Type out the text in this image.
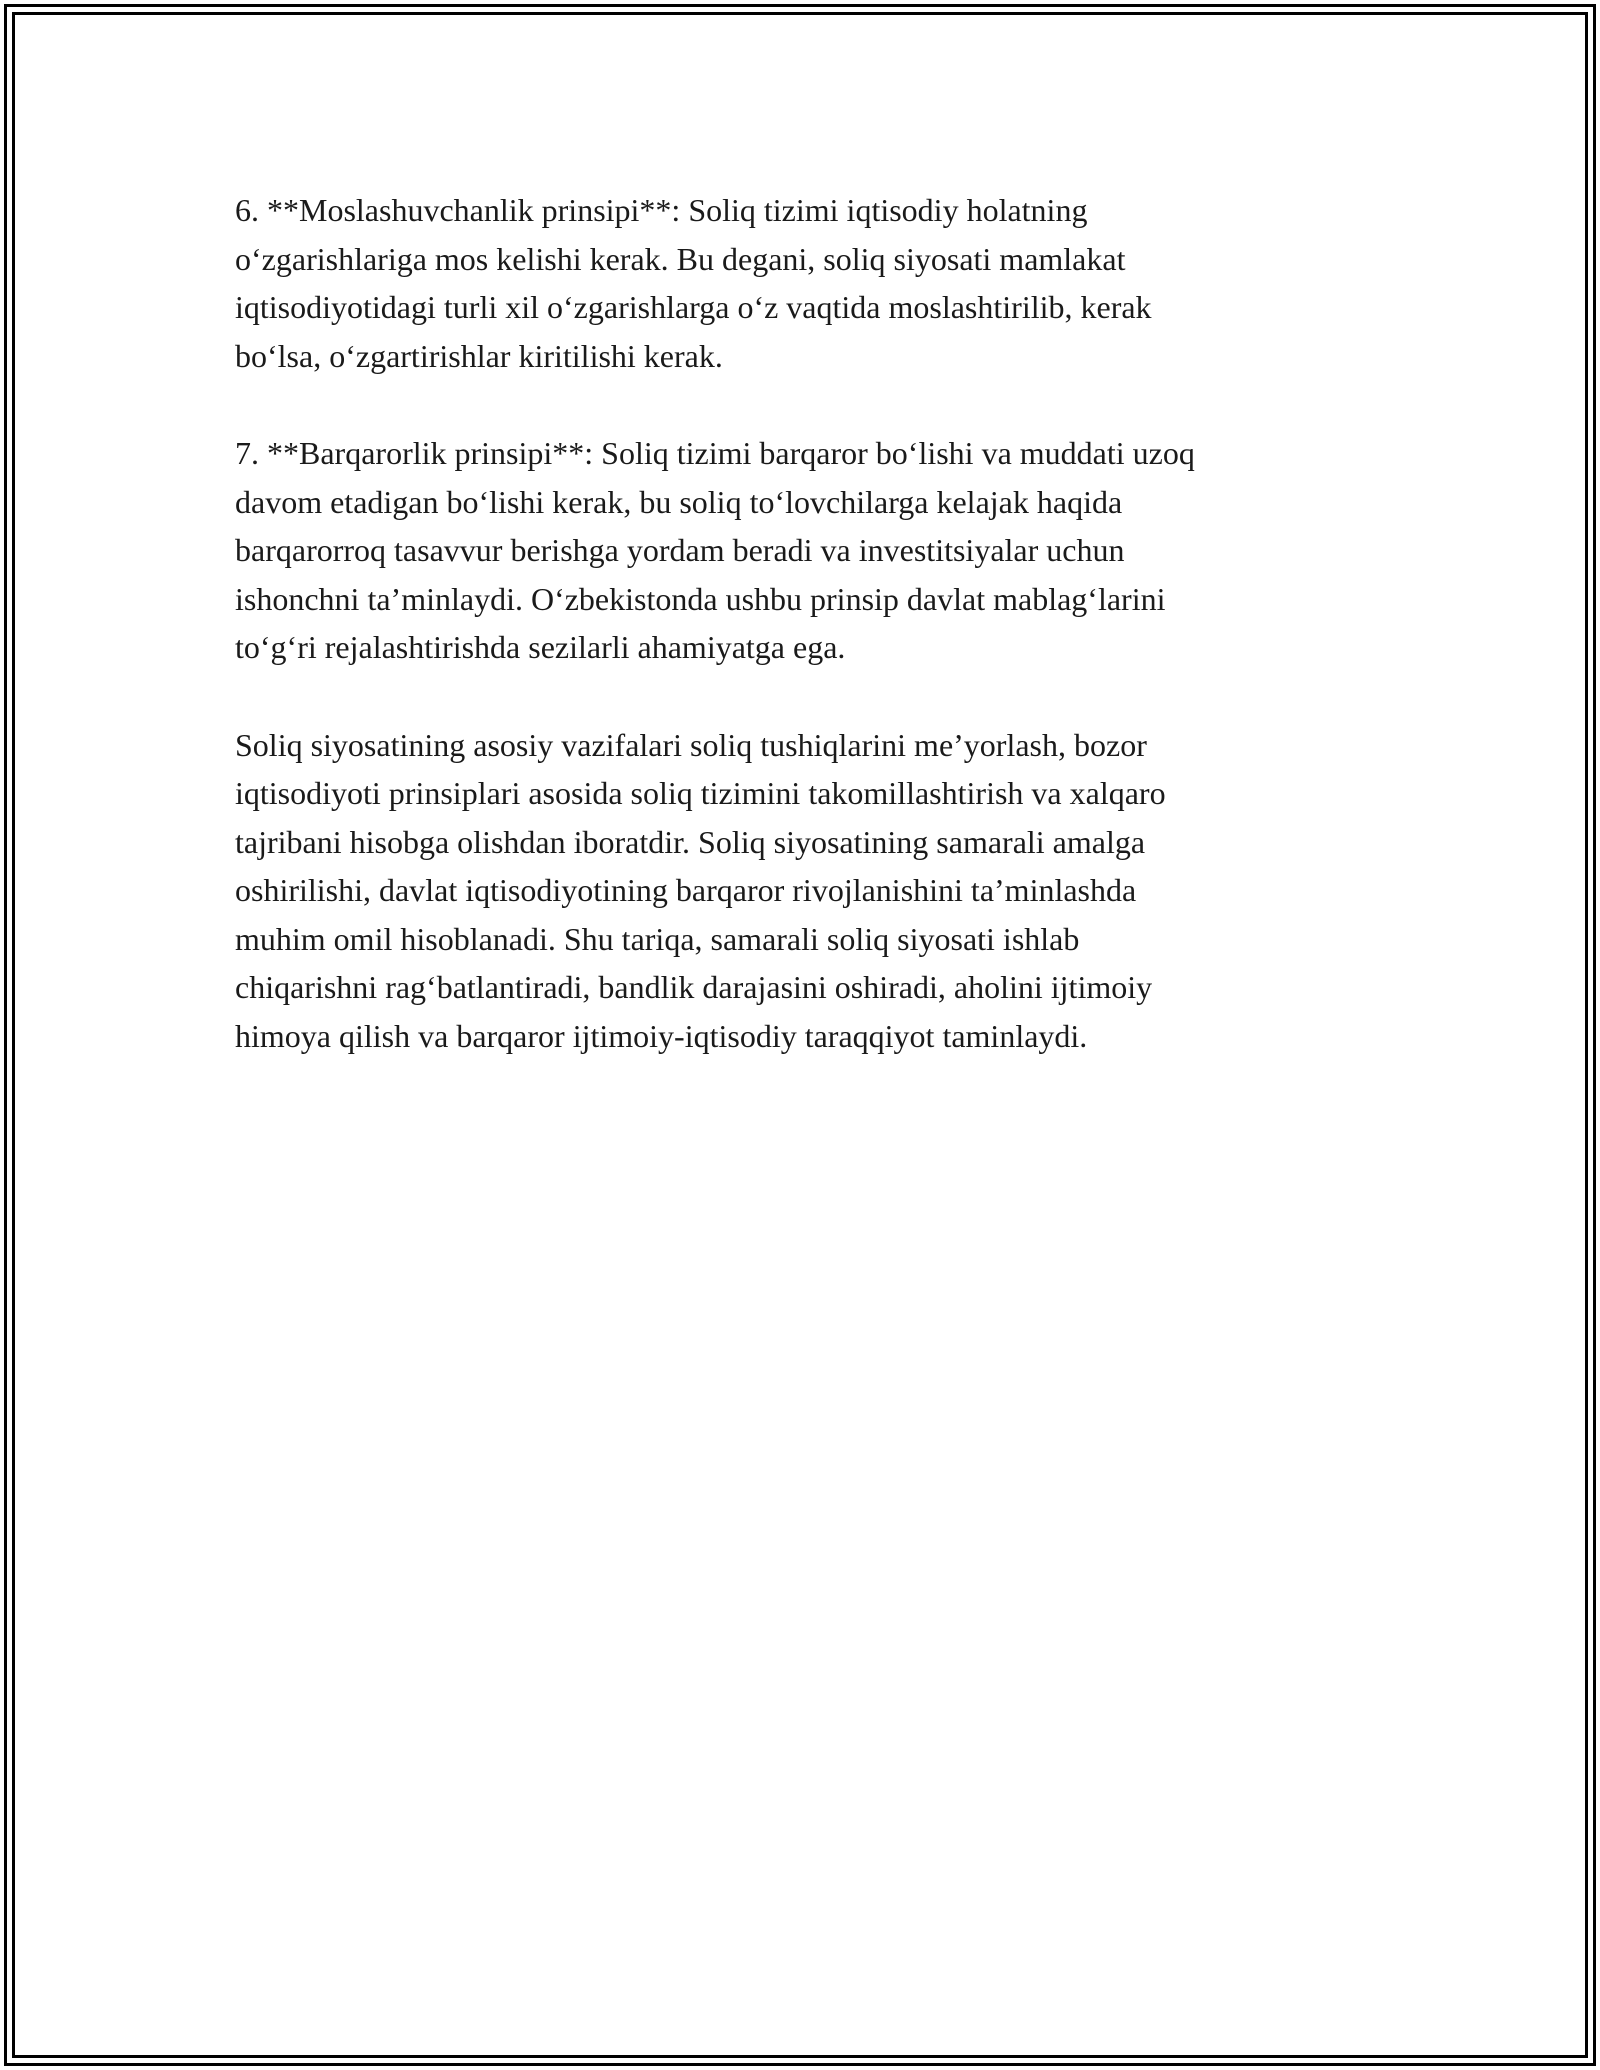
6. **Moslashuvchanlik prinsipi**: Soliq tizimi iqtisodiy holatning
o‘zgarishlariga mos kelishi kerak. Bu degani, soliq siyosati mamlakat
iqtisodiyotidagi turli xil o‘zgarishlarga o‘z vaqtida moslashtirilib, kerak
bo‘lsa, o‘zgartirishlar kiritilishi kerak.

7. **Barqarorlik prinsipi**: Soliq tizimi barqaror bo‘lishi va muddati uzoq
davom etadigan bo‘lishi kerak, bu soliq to‘lovchilarga kelajak haqida
barqarorroq tasavvur berishga yordam beradi va investitsiyalar uchun
ishonchni ta’minlaydi. O‘zbekistonda ushbu prinsip davlat mablag‘larini
to‘g‘ri rejalashtirishda sezilarli ahamiyatga ega.

Soliq siyosatining asosiy vazifalari soliq tushiqlarini me’yorlash, bozor
iqtisodiyoti prinsiplari asosida soliq tizimini takomillashtirish va xalqaro
tajribani hisobga olishdan iboratdir. Soliq siyosatining samarali amalga
oshirilishi, davlat iqtisodiyotining barqaror rivojlanishini ta’minlashda
muhim omil hisoblanadi. Shu tariqa, samarali soliq siyosati ishlab
chiqarishni rag‘batlantiradi, bandlik darajasini oshiradi, aholini ijtimoiy
himoya qilish va barqaror ijtimoiy-iqtisodiy taraqqiyot taminlaydi.
